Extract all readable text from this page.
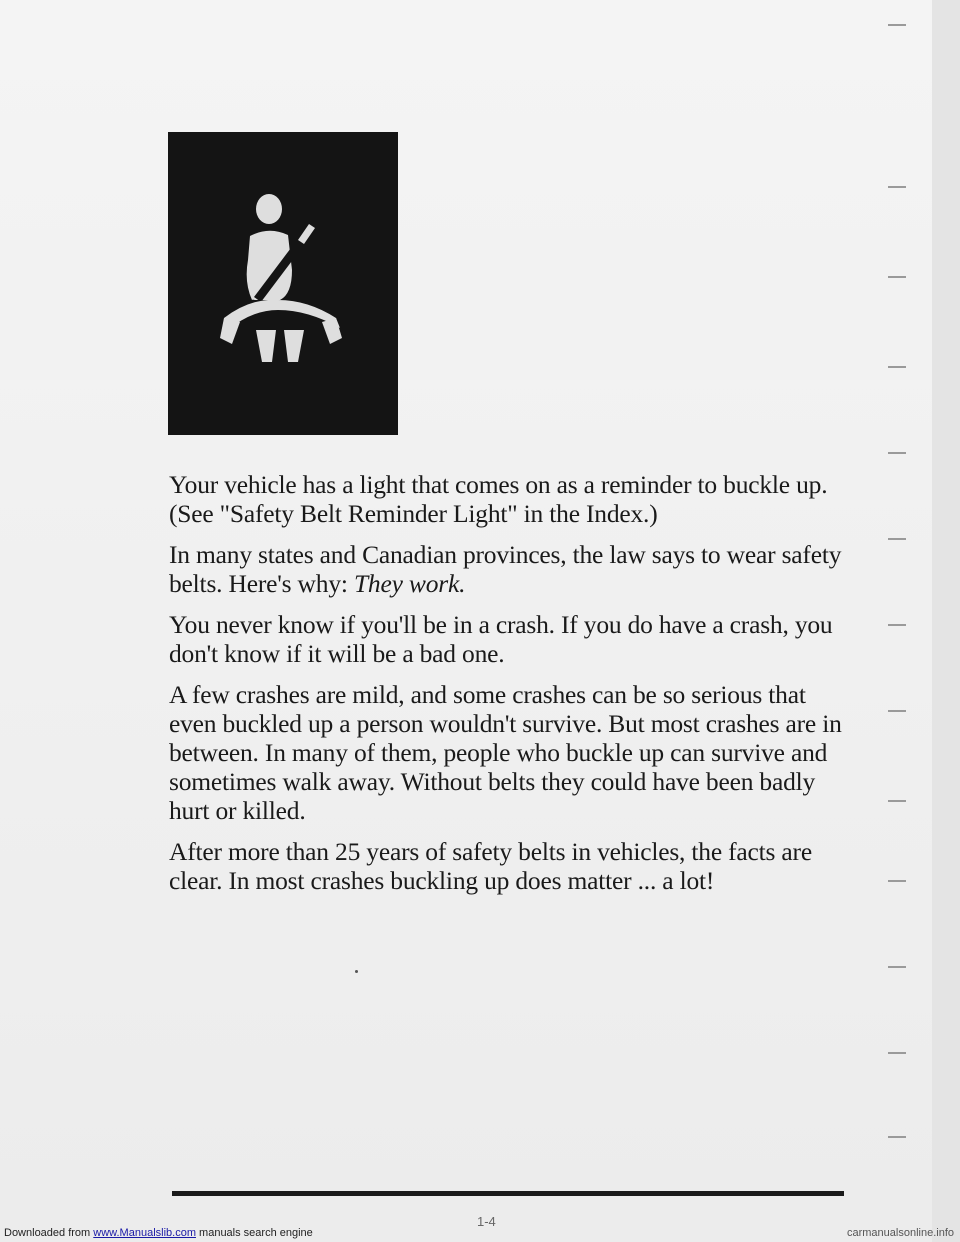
Your vehicle has a light that comes on as a reminder to buckle up. (See "Safety Belt Reminder Light" in the Index.)

In many states and Canadian provinces, the law says to wear safety belts. Here's why: They work.

You never know if you'll be in a crash. If you do have a crash, you don't know if it will be a bad one.

A few crashes are mild, and some crashes can be so serious that even buckled up a person wouldn't survive. But most crashes are in between. In many of them, people who buckle up can survive and sometimes walk away. Without belts they could have been badly hurt or killed.

After more than 25 years of safety belts in vehicles, the facts are clear. In most crashes buckling up does matter ... a lot!

1-4
Downloaded from www.Manualslib.com manuals search engine	carmanualsonline.info
